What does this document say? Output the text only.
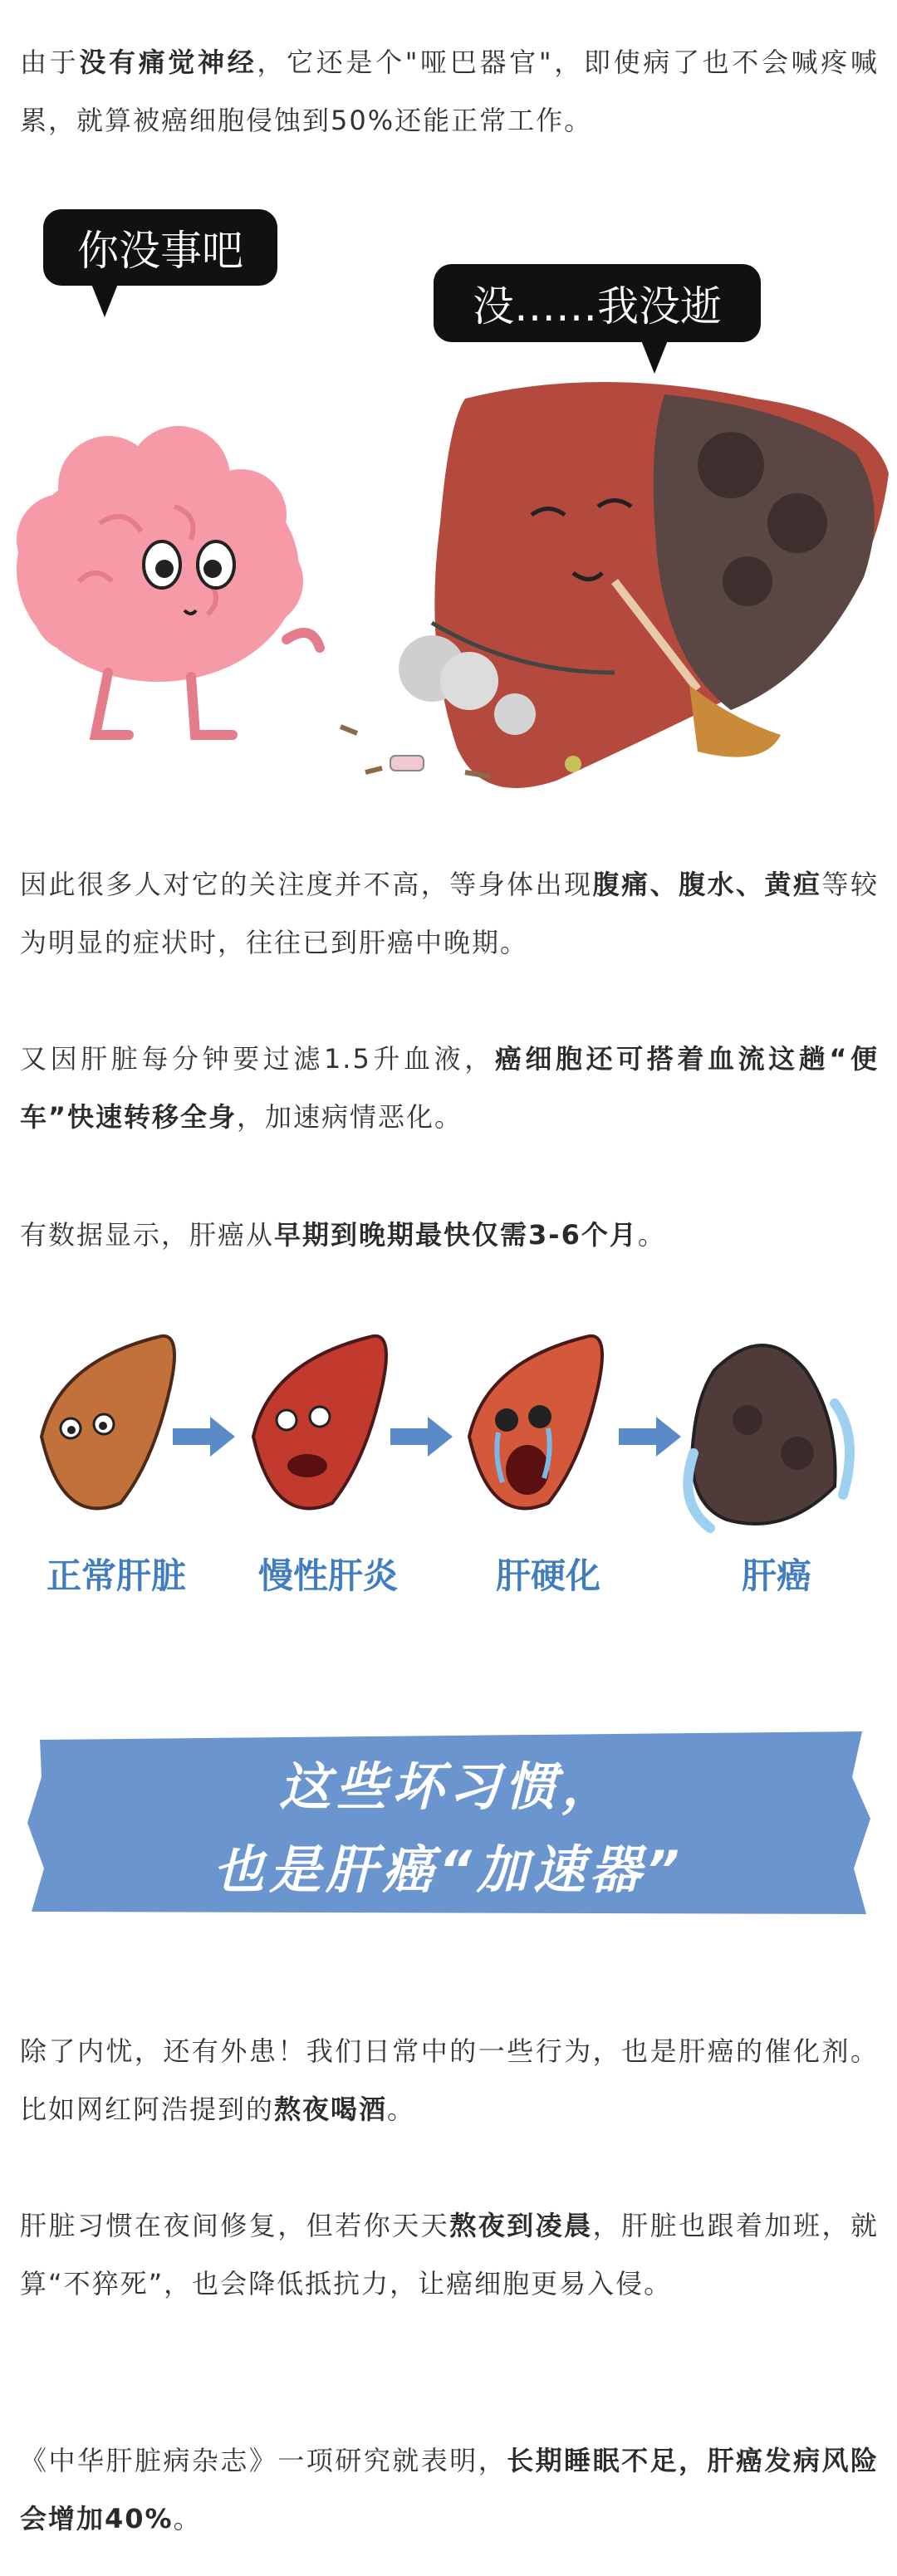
由于没有痛觉神经，它还是个"哑巴器官"，即使病了也不会喊疼喊累，就算被癌细胞侵蚀到50%还能正常工作。
你没事吧
没……我没逝
因此很多人对它的关注度并不高，等身体出现腹痛、腹水、黄疸等较为明显的症状时，往往已到肝癌中晚期。
又因肝脏每分钟要过滤1.5升血液，癌细胞还可搭着血流这趟“便车”快速转移全身，加速病情恶化。
有数据显示，肝癌从早期到晚期最快仅需3-6个月。
正常肝脏	慢性肝炎	肝硬化	肝癌
这些坏习惯，
也是肝癌“加速器”
除了内忧，还有外患！我们日常中的一些行为，也是肝癌的催化剂。比如网红阿浩提到的熬夜喝酒。
肝脏习惯在夜间修复，但若你天天熬夜到凌晨，肝脏也跟着加班，就算“不猝死”，也会降低抵抗力，让癌细胞更易入侵。
《中华肝脏病杂志》一项研究就表明，长期睡眠不足，肝癌发病风险会增加40%。
